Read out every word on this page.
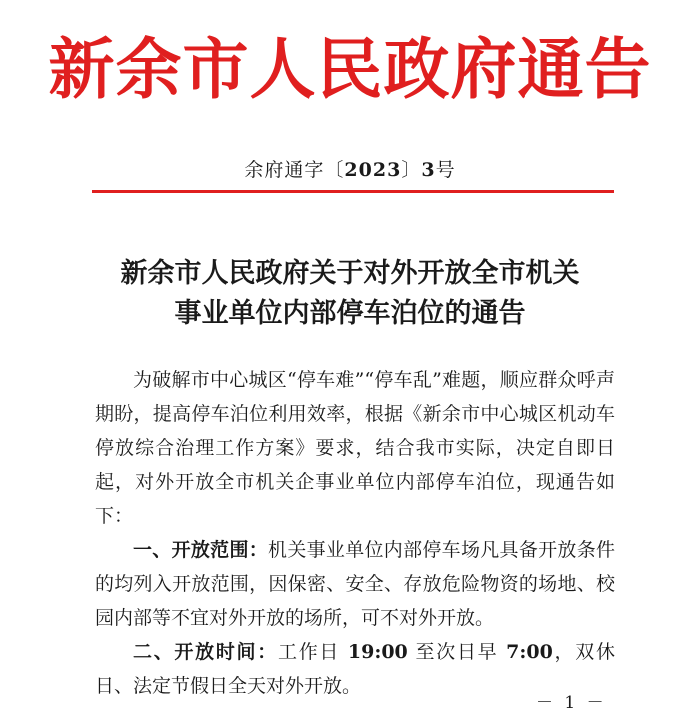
新余市人民政府通告
余府通字〔2023〕3号
新余市人民政府关于对外开放全市机关
事业单位内部停车泊位的通告

为破解市中心城区“停车难”“停车乱”难题，顺应群众呼声期盼，提高停车泊位利用效率，根据《新余市中心城区机动车停放综合治理工作方案》要求，结合我市实际，决定自即日起，对外开放全市机关企事业单位内部停车泊位，现通告如下：

一、开放范围：机关事业单位内部停车场凡具备开放条件的均列入开放范围，因保密、安全、存放危险物资的场地、校园内部等不宜对外开放的场所，可不对外开放。

二、开放时间：工作日 19:00 至次日早 7:00，双休日、法定节假日全天对外开放。

－ 1 －
